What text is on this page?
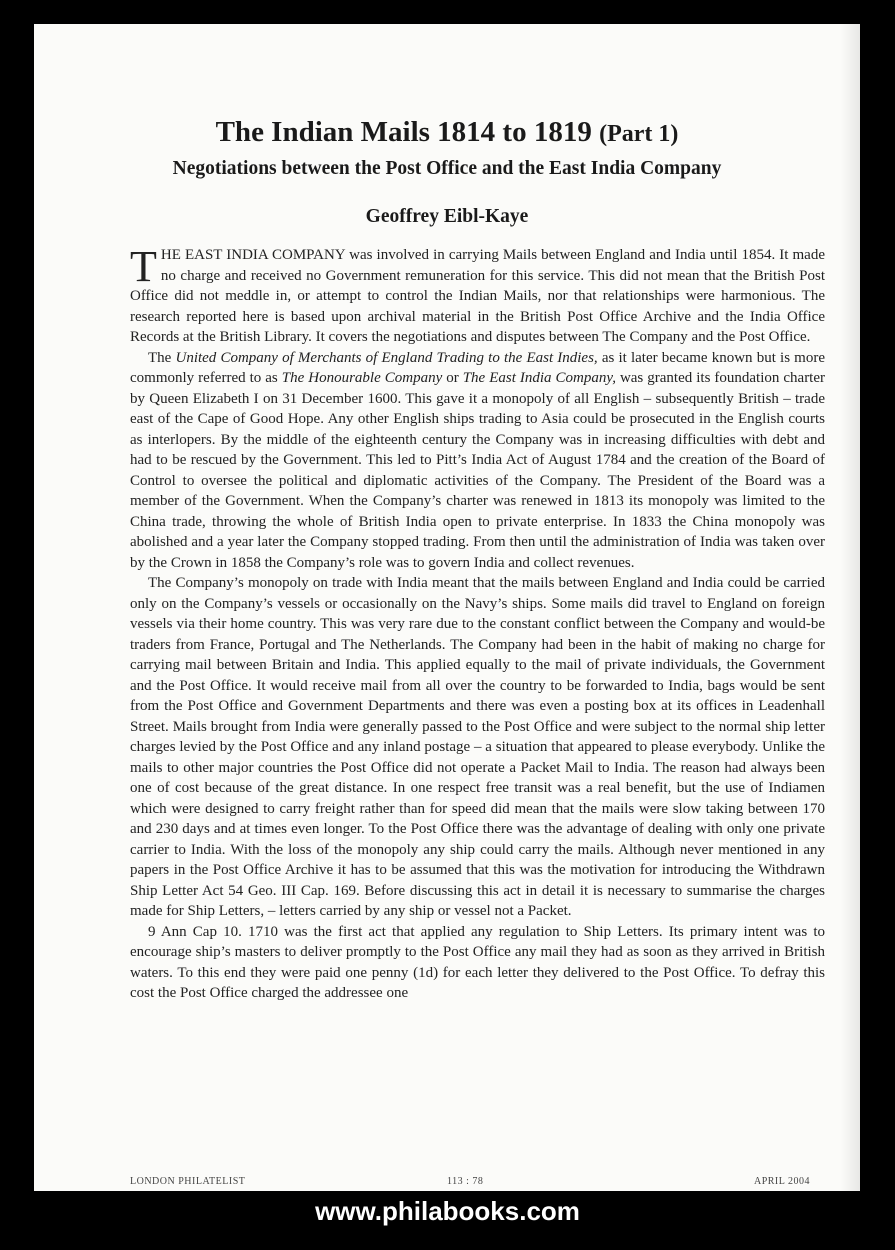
The Indian Mails 1814 to 1819 (Part 1)
Negotiations between the Post Office and the East India Company
Geoffrey Eibl-Kaye

THE EAST INDIA COMPANY was involved in carrying Mails between England and India until 1854. It made no charge and received no Government remuneration for this service. This did not mean that the British Post Office did not meddle in, or attempt to control the Indian Mails, nor that relationships were harmonious. The research reported here is based upon archival material in the British Post Office Archive and the India Office Records at the British Library. It covers the negotiations and disputes between The Company and the Post Office.

The United Company of Merchants of England Trading to the East Indies, as it later became known but is more commonly referred to as The Honourable Company or The East India Company, was granted its foundation charter by Queen Elizabeth I on 31 December 1600. This gave it a monopoly of all English – subsequently British – trade east of the Cape of Good Hope. Any other English ships trading to Asia could be prosecuted in the English courts as interlopers. By the middle of the eighteenth century the Company was in increasing difficulties with debt and had to be rescued by the Government. This led to Pitt’s India Act of August 1784 and the creation of the Board of Control to oversee the political and diplomatic activities of the Company. The President of the Board was a member of the Government. When the Company’s charter was renewed in 1813 its monopoly was limited to the China trade, throwing the whole of British India open to private enterprise. In 1833 the China monopoly was abolished and a year later the Company stopped trading. From then until the administration of India was taken over by the Crown in 1858 the Company’s role was to govern India and collect revenues.

The Company’s monopoly on trade with India meant that the mails between England and India could be carried only on the Company’s vessels or occasionally on the Navy’s ships. Some mails did travel to England on foreign vessels via their home country. This was very rare due to the constant conflict between the Company and would-be traders from France, Portugal and The Netherlands. The Company had been in the habit of making no charge for carrying mail between Britain and India. This applied equally to the mail of private individuals, the Government and the Post Office. It would receive mail from all over the country to be forwarded to India, bags would be sent from the Post Office and Government Departments and there was even a posting box at its offices in Leadenhall Street. Mails brought from India were generally passed to the Post Office and were subject to the normal ship letter charges levied by the Post Office and any inland postage – a situation that appeared to please everybody. Unlike the mails to other major countries the Post Office did not operate a Packet Mail to India. The reason had always been one of cost because of the great distance. In one respect free transit was a real benefit, but the use of Indiamen which were designed to carry freight rather than for speed did mean that the mails were slow taking between 170 and 230 days and at times even longer. To the Post Office there was the advantage of dealing with only one private carrier to India. With the loss of the monopoly any ship could carry the mails. Although never mentioned in any papers in the Post Office Archive it has to be assumed that this was the motivation for introducing the Withdrawn Ship Letter Act 54 Geo. III Cap. 169. Before discussing this act in detail it is necessary to summarise the charges made for Ship Letters, – letters carried by any ship or vessel not a Packet.

9 Ann Cap 10. 1710 was the first act that applied any regulation to Ship Letters. Its primary intent was to encourage ship’s masters to deliver promptly to the Post Office any mail they had as soon as they arrived in British waters. To this end they were paid one penny (1d) for each letter they delivered to the Post Office. To defray this cost the Post Office charged the addressee one

LONDON PHILATELIST	113 : 78	APRIL 2004
www.philabooks.com
